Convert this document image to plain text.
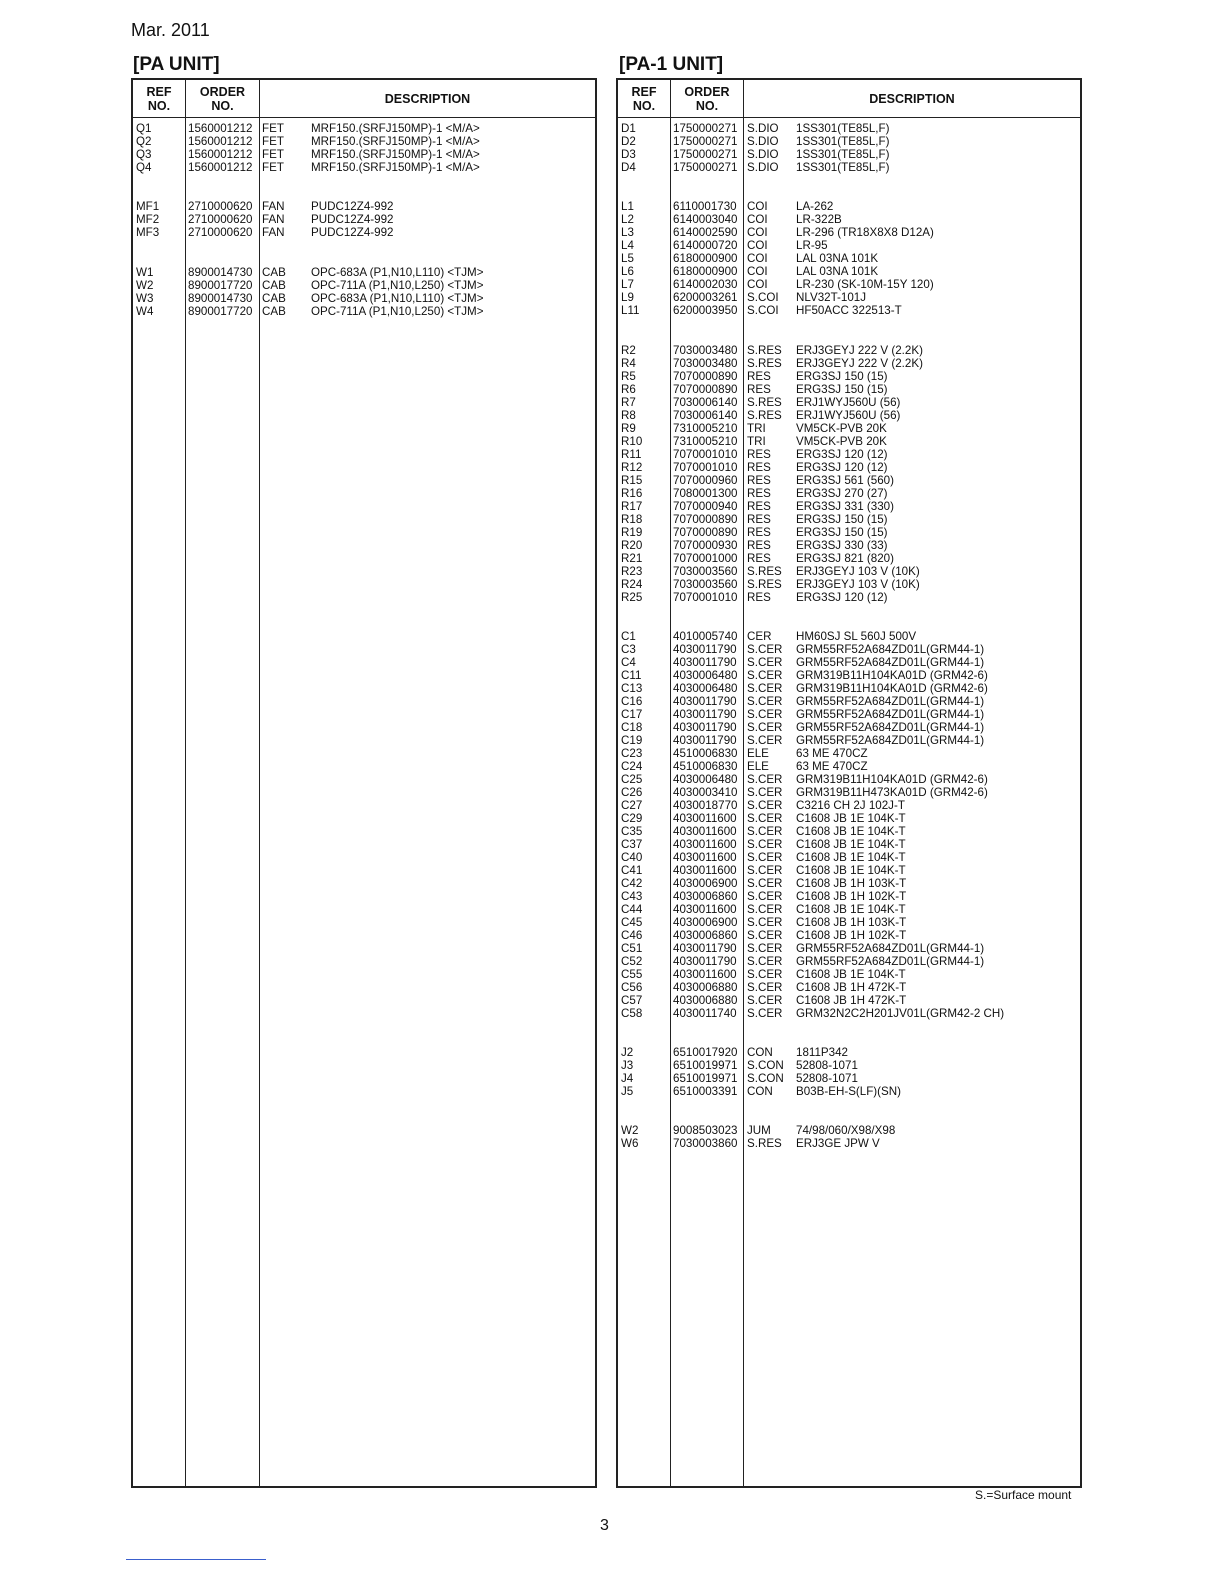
Mar. 2011
[PA UNIT]	[PA-1 UNIT]
REF
NO.
ORDER
NO.	DESCRIPTION
Q1	1560001212 FET MRF150.(SRFJ150MP)-1 <M/A>
Q2	1560001212 FET MRF150.(SRFJ150MP)-1 <M/A>
Q3	1560001212 FET MRF150.(SRFJ150MP)-1 <M/A>
Q4	1560001212 FET MRF150.(SRFJ150MP)-1 <M/A>
MF1 2710000620 FAN PUDC12Z4-992
MF2 2710000620 FAN PUDC12Z4-992
MF3 2710000620 FAN PUDC12Z4-992
W1	8900014730 CAB OPC-683A (P1,N10,L110) <TJM>
W2	8900017720 CAB OPC-711A (P1,N10,L250) <TJM>
W3	8900014730 CAB OPC-683A (P1,N10,L110) <TJM>
W4	8900017720 CAB OPC-711A (P1,N10,L250) <TJM>
REF
NO.
ORDER
NO.	DESCRIPTION
D1	1750000271 S.DIO 1SS301(TE85L,F)
D2	1750000271 S.DIO 1SS301(TE85L,F)
D3	1750000271 S.DIO 1SS301(TE85L,F)
D4	1750000271 S.DIO 1SS301(TE85L,F)
L1	6110001730 COI LA-262
L2	6140003040 COI LR-322B
L3	6140002590 COI LR-296 (TR18X8X8 D12A)
L4	6140000720 COI LR-95
L5	6180000900 COI LAL 03NA 101K
L6	6180000900 COI LAL 03NA 101K
L7	6140002030 COI LR-230 (SK-10M-15Y 120)
L9	6200003261 S.COI NLV32T-101J
L11	6200003950 S.COI HF50ACC 322513-T
R2	7030003480 S.RES ERJ3GEYJ 222 V (2.2K)
R4	7030003480 S.RES ERJ3GEYJ 222 V (2.2K)
R5	7070000890 RES ERG3SJ 150 (15)
R6	7070000890 RES ERG3SJ 150 (15)
R7	7030006140 S.RES ERJ1WYJ560U (56)
R8	7030006140 S.RES ERJ1WYJ560U (56)
R9	7310005210 TRI	VM5CK-PVB 20K
R10	7310005210 TRI	VM5CK-PVB 20K
R11	7070001010 RES ERG3SJ 120 (12)
R12	7070001010 RES ERG3SJ 120 (12)
R15	7070000960 RES ERG3SJ 561 (560)
R16	7080001300 RES ERG3SJ 270 (27)
R17	7070000940 RES ERG3SJ 331 (330)
R18	7070000890 RES ERG3SJ 150 (15)
R19	7070000890 RES ERG3SJ 150 (15)
R20	7070000930 RES ERG3SJ 330 (33)
R21	7070001000 RES ERG3SJ 821 (820)
R23	7030003560 S.RES ERJ3GEYJ 103 V (10K)
R24	7030003560 S.RES ERJ3GEYJ 103 V (10K)
R25	7070001010 RES ERG3SJ 120 (12)
C1	4010005740 CER HM60SJ SL 560J 500V
C3	4030011790 S.CER GRM55RF52A684ZD01L(GRM44-1)
C4	4030011790 S.CER GRM55RF52A684ZD01L(GRM44-1)
C11	4030006480 S.CER GRM319B11H104KA01D (GRM42-6)
C13	4030006480 S.CER GRM319B11H104KA01D (GRM42-6)
C16	4030011790 S.CER GRM55RF52A684ZD01L(GRM44-1)
C17	4030011790 S.CER GRM55RF52A684ZD01L(GRM44-1)
C18	4030011790 S.CER GRM55RF52A684ZD01L(GRM44-1)
C19	4030011790 S.CER GRM55RF52A684ZD01L(GRM44-1)
C23	4510006830 ELE 63 ME 470CZ
C24	4510006830 ELE 63 ME 470CZ
C25	4030006480 S.CER GRM319B11H104KA01D (GRM42-6)
C26	4030003410 S.CER GRM319B11H473KA01D (GRM42-6)
C27	4030018770 S.CER C3216 CH 2J 102J-T
C29	4030011600 S.CER C1608 JB 1E 104K-T
C35	4030011600 S.CER C1608 JB 1E 104K-T
C37	4030011600 S.CER C1608 JB 1E 104K-T
C40	4030011600 S.CER C1608 JB 1E 104K-T
C41	4030011600 S.CER C1608 JB 1E 104K-T
C42	4030006900 S.CER C1608 JB 1H 103K-T
C43	4030006860 S.CER C1608 JB 1H 102K-T
C44	4030011600 S.CER C1608 JB 1E 104K-T
C45	4030006900 S.CER C1608 JB 1H 103K-T
C46	4030006860 S.CER C1608 JB 1H 102K-T
C51	4030011790 S.CER GRM55RF52A684ZD01L(GRM44-1)
C52	4030011790 S.CER GRM55RF52A684ZD01L(GRM44-1)
C55	4030011600 S.CER C1608 JB 1E 104K-T
C56	4030006880 S.CER C1608 JB 1H 472K-T
C57	4030006880 S.CER C1608 JB 1H 472K-T
C58	4030011740 S.CER GRM32N2C2H201JV01L(GRM42-2 CH)
J2	6510017920 CON 1811P342
J3	6510019971 S.CON 52808-1071
J4	6510019971 S.CON 52808-1071
J5	6510003391 CON B03B-EH-S(LF)(SN)
W2	9008503023 JUM 74/98/060/X98/X98
W6	7030003860 S.RES ERJ3GE JPW V
S.=Surface mount
3
